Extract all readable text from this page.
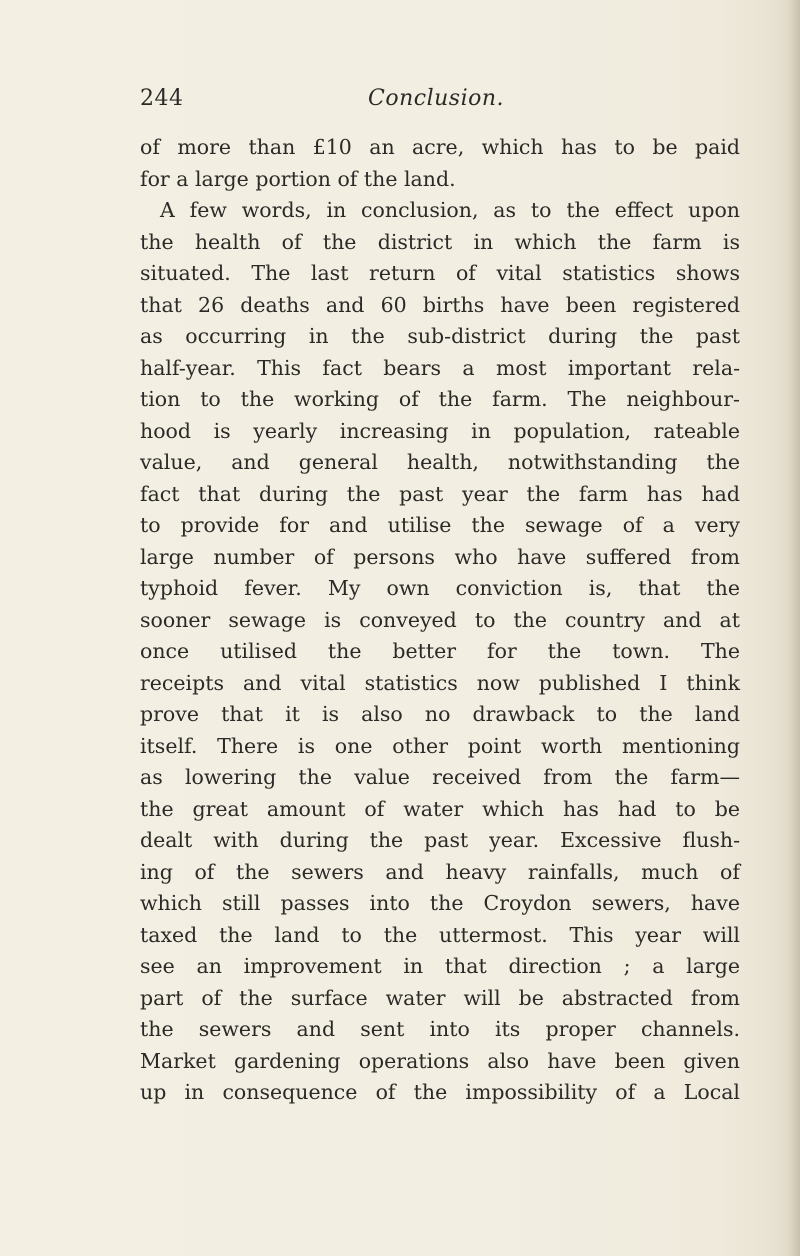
244	Conclusion.
of more than £10 an acre, which has to be paid
for a large portion of the land.
A few words, in conclusion, as to the effect upon
the health of the district in which the farm is
situated. The last return of vital statistics shows
that 26 deaths and 60 births have been registered
as occurring in the sub-district during the past
half-year. This fact bears a most important rela-
tion to the working of the farm. The neighbour-
hood is yearly increasing in population, rateable
value, and general health, notwithstanding the
fact that during the past year the farm has had
to provide for and utilise the sewage of a very
large number of persons who have suffered from
typhoid fever. My own conviction is, that the
sooner sewage is conveyed to the country and at
once utilised the better for the town. The
receipts and vital statistics now published I think
prove that it is also no drawback to the land
itself. There is one other point worth mentioning
as lowering the value received from the farm—
the great amount of water which has had to be
dealt with during the past year. Excessive flush-
ing of the sewers and heavy rainfalls, much of
which still passes into the Croydon sewers, have
taxed the land to the uttermost. This year will
see an improvement in that direction ; a large
part of the surface water will be abstracted from
the sewers and sent into its proper channels.
Market gardening operations also have been given
up in consequence of the impossibility of a Local
